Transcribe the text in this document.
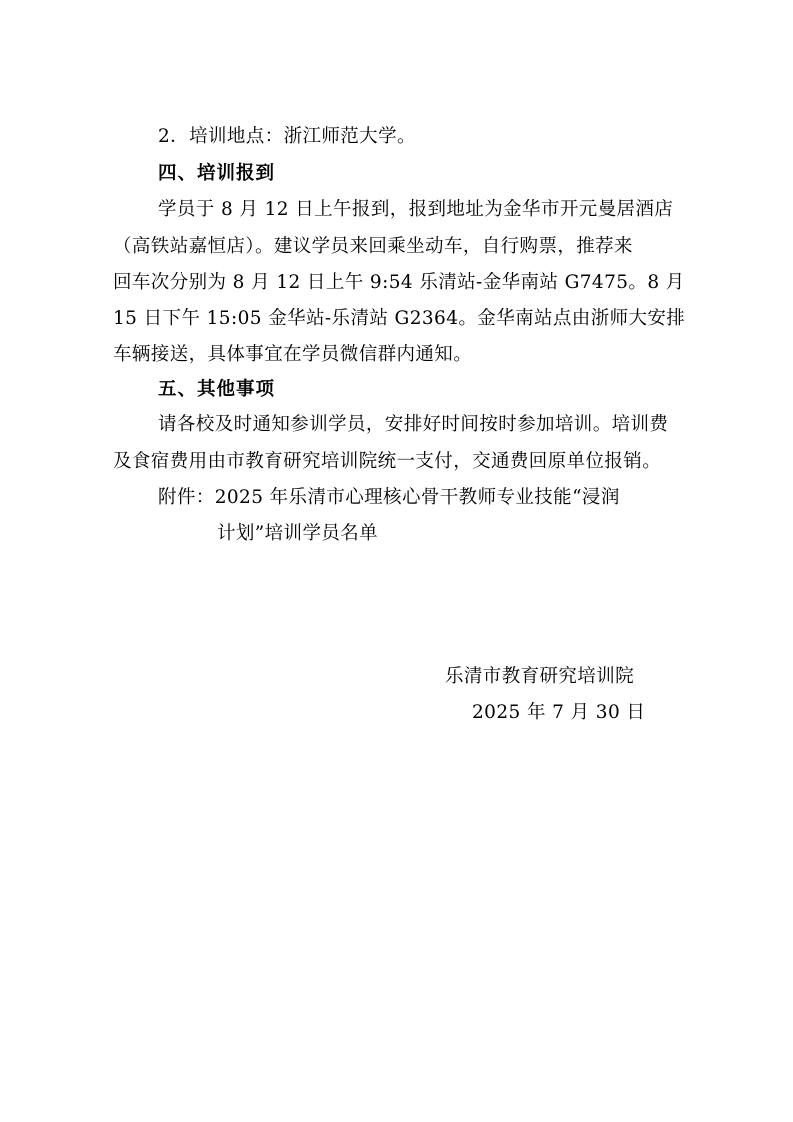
2．培训地点：浙江师范大学。
四、培训报到
学员于 8 月 12 日上午报到，报到地址为金华市开元曼居酒店
（高铁站嘉恒店）。建议学员来回乘坐动车，自行购票，推荐来
回车次分别为 8 月 12 日上午 9:54 乐清站-金华南站 G7475。8 月
15 日下午 15:05 金华站-乐清站 G2364。金华南站点由浙师大安排
车辆接送，具体事宜在学员微信群内通知。
五、其他事项
请各校及时通知参训学员，安排好时间按时参加培训。培训费
及食宿费用由市教育研究培训院统一支付，交通费回原单位报销。
附件：2025 年乐清市心理核心骨干教师专业技能“浸润
计划”培训学员名单
乐清市教育研究培训院
2025 年 7 月 30 日
